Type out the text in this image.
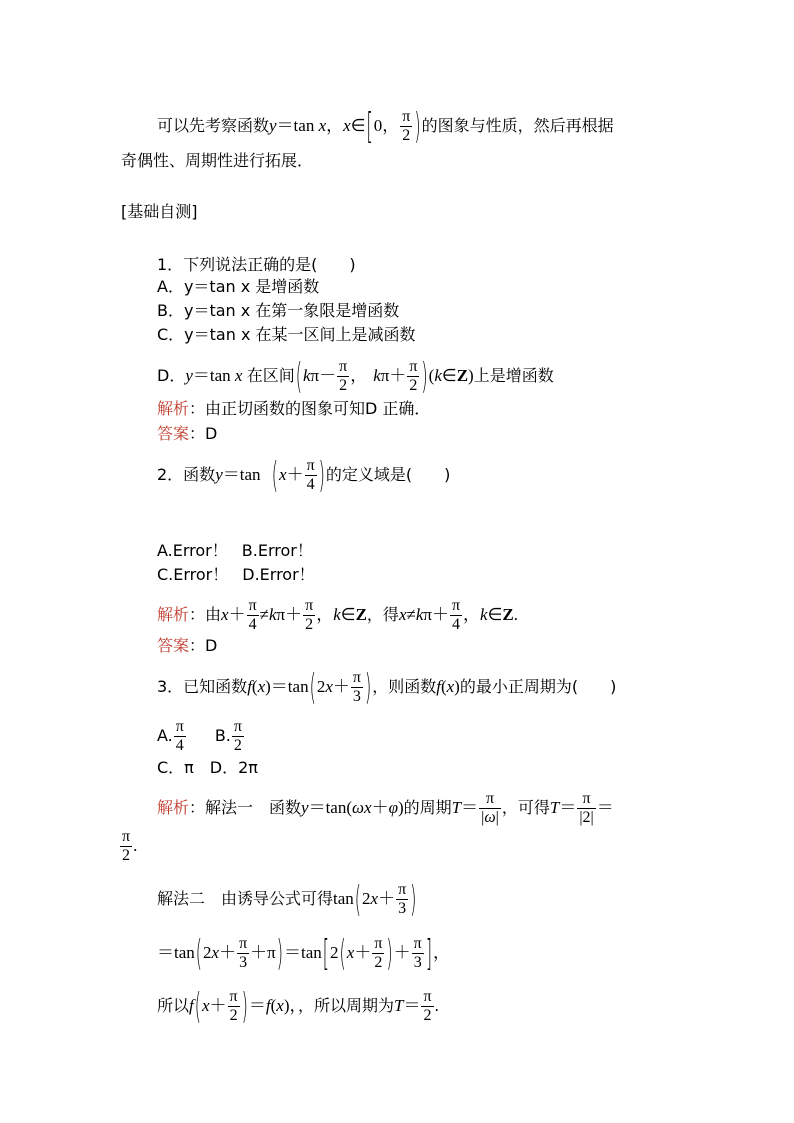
可以先考察函数y＝tan x，x∈[0， $\frac{\pi}{2}$ )的图象与性质，然后再根据
奇偶性、周期性进行拓展．
[基础自测]
1．下列说法正确的是(　　)
A．y＝tan x 是增函数
B．y＝tan x 在第一象限是增函数
C．y＝tan x 在某一区间上是减函数
D．y＝tan x 在区间($k\pi- \frac{\pi}{2}$ ， $k\pi+ \frac{\pi}{2}$ )(k∈Z)上是增函数
解析：由正切函数的图象可知D 正确．
答案：D
2．函数y＝tan ($x+ \frac{\pi}{4}$ )的定义域是(　　)
A.Error！ B.Error！
C.Error！ D.Error！
解析：由$x+ \frac{\pi}{4} \ne k\pi+ \frac{\pi}{2}$ ，k∈Z，得$x\ne k\pi+ \frac{\pi}{4}$ ，k∈Z.
答案：D
3．已知函数$f(x)=\tan(2x+ \frac{\pi}{3}$ )，则函数f(x)的最小正周期为(　　)
A. $\frac{\pi}{4} B$. $\frac{\pi}{2}$
C．π　D．2π
解析：解法一　函数y＝tan(ωx＋φ)的周期$T= \frac{\pi}{|\omega|}$ ，可得$T= \frac{\pi}{|2|}$ ＝
$\frac{\pi}{2}$ .
解法二　由诱导公式可得$\tan(2x+ \frac{\pi}{3}$ )
$=\tan(2x+ \frac{\pi}{3} +\pi)=\tan[2(x+ \frac{\pi}{2}$ )＋ $\frac{\pi}{3}$ ]，
所以$f(x+ \frac{\pi}{2} )=f(x)$，，所以周期为$T= \frac{\pi}{2}$ .
